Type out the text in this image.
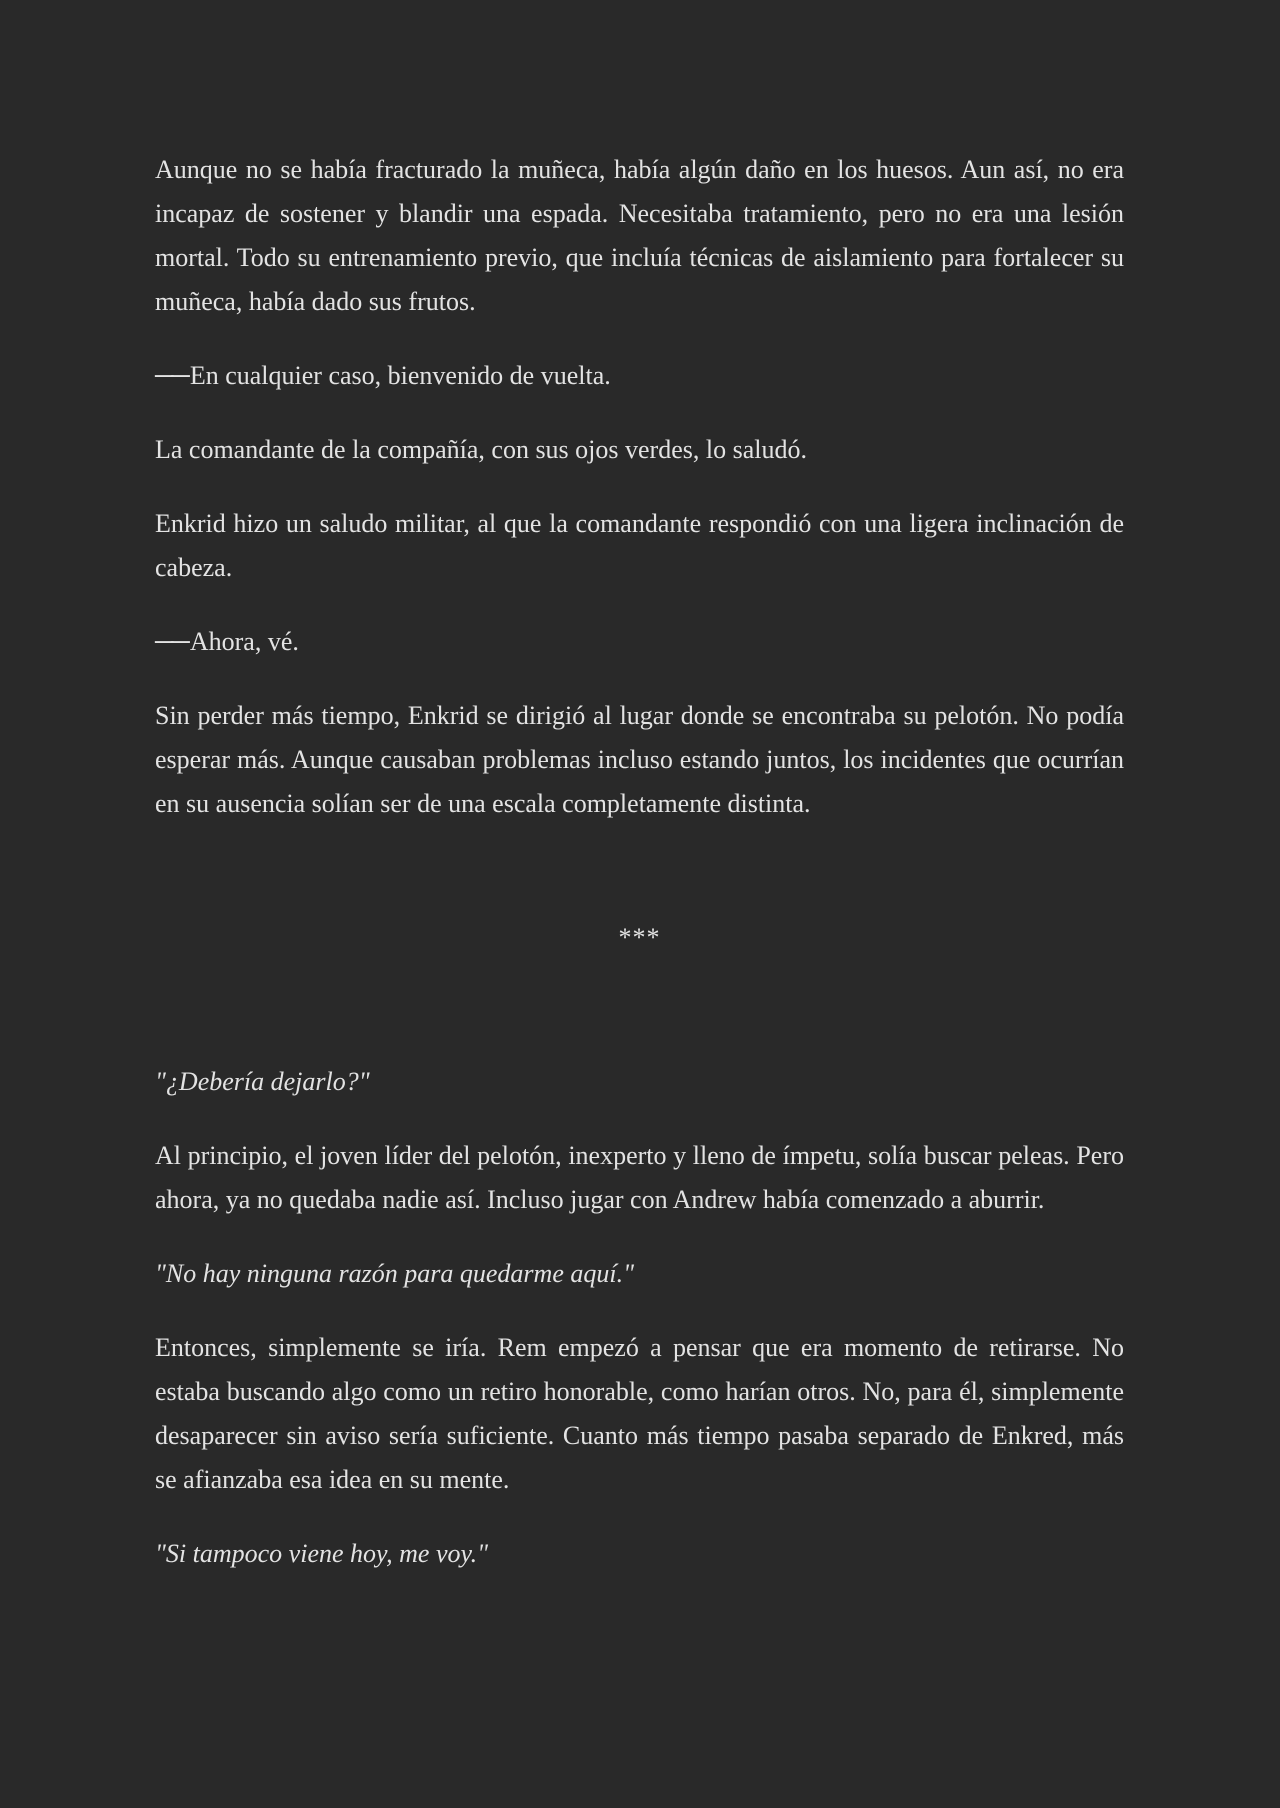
Aunque no se había fracturado la muñeca, había algún daño en los huesos. Aun así, no era incapaz de sostener y blandir una espada. Necesitaba tratamiento, pero no era una lesión mortal. Todo su entrenamiento previo, que incluía técnicas de aislamiento para fortalecer su muñeca, había dado sus frutos.

──En cualquier caso, bienvenido de vuelta.

La comandante de la compañía, con sus ojos verdes, lo saludó.

Enkrid hizo un saludo militar, al que la comandante respondió con una ligera inclinación de cabeza.

──Ahora, vé.

Sin perder más tiempo, Enkrid se dirigió al lugar donde se encontraba su pelotón. No podía esperar más. Aunque causaban problemas incluso estando juntos, los incidentes que ocurrían en su ausencia solían ser de una escala completamente distinta.

***

"¿Debería dejarlo?"

Al principio, el joven líder del pelotón, inexperto y lleno de ímpetu, solía buscar peleas. Pero ahora, ya no quedaba nadie así. Incluso jugar con Andrew había comenzado a aburrir.

"No hay ninguna razón para quedarme aquí."

Entonces, simplemente se iría. Rem empezó a pensar que era momento de retirarse. No estaba buscando algo como un retiro honorable, como harían otros. No, para él, simplemente desaparecer sin aviso sería suficiente. Cuanto más tiempo pasaba separado de Enkred, más se afianzaba esa idea en su mente.

"Si tampoco viene hoy, me voy."
